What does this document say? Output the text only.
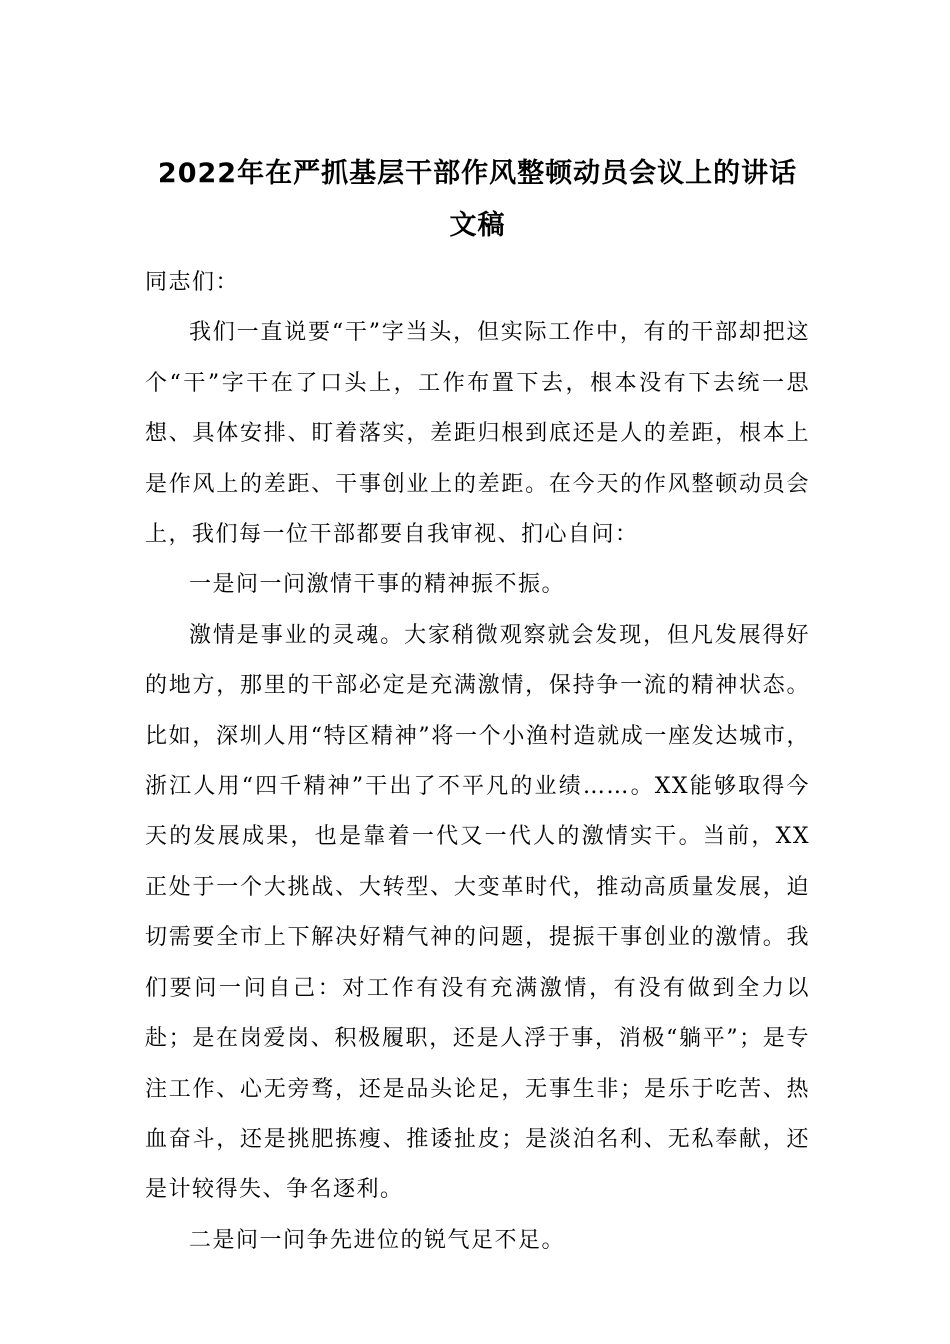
2022年在严抓基层干部作风整顿动员会议上的讲话
文稿

同志们：

我们一直说要“干”字当头，但实际工作中，有的干部却把这个“干”字干在了口头上，工作布置下去，根本没有下去统一思想、具体安排、盯着落实，差距归根到底还是人的差距，根本上是作风上的差距、干事创业上的差距。在今天的作风整顿动员会上，我们每一位干部都要自我审视、扪心自问：

一是问一问激情干事的精神振不振。

激情是事业的灵魂。大家稍微观察就会发现，但凡发展得好的地方，那里的干部必定是充满激情，保持争一流的精神状态。比如，深圳人用“特区精神”将一个小渔村造就成一座发达城市，浙江人用“四千精神”干出了不平凡的业绩……。XX能够取得今天的发展成果，也是靠着一代又一代人的激情实干。当前，XX正处于一个大挑战、大转型、大变革时代，推动高质量发展，迫切需要全市上下解决好精气神的问题，提振干事创业的激情。我们要问一问自己：对工作有没有充满激情，有没有做到全力以赴；是在岗爱岗、积极履职，还是人浮于事，消极“躺平”；是专注工作、心无旁骛，还是品头论足，无事生非；是乐于吃苦、热血奋斗，还是挑肥拣瘦、推诿扯皮；是淡泊名利、无私奉献，还是计较得失、争名逐利。

二是问一问争先进位的锐气足不足。
